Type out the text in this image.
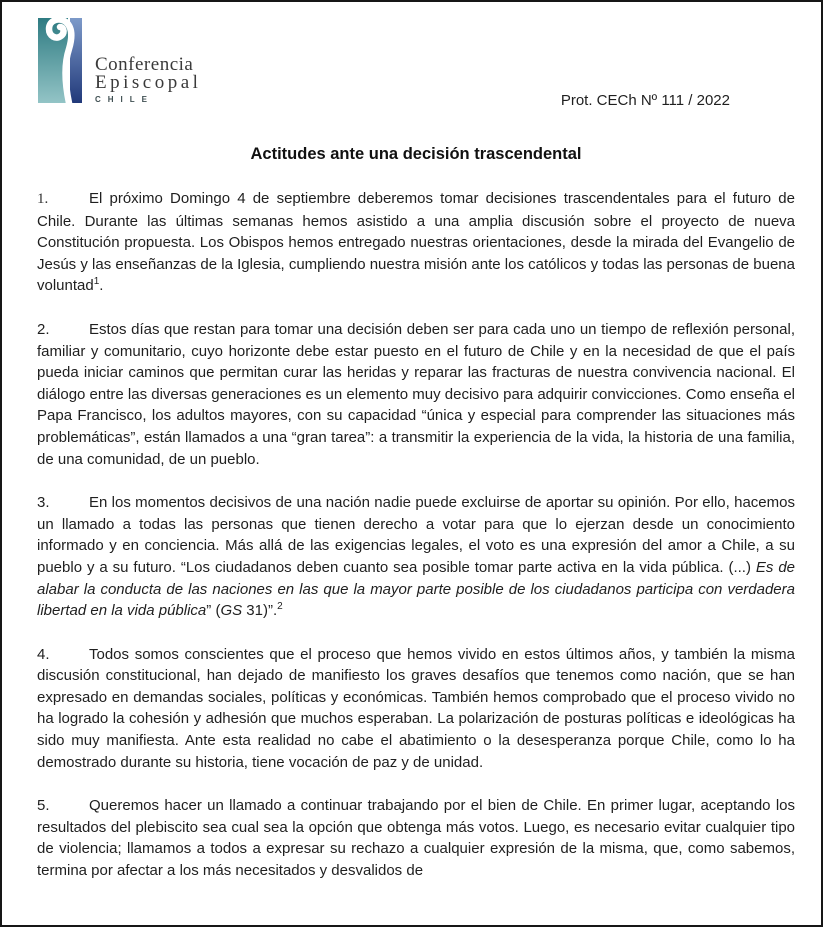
Conferencia
Episcopal
CHILE	Prot. CECh Nº 111 / 2022
Actitudes ante una decisión trascendental

1.	El próximo Domingo 4 de septiembre deberemos tomar decisiones trascendentales para el futuro de Chile. Durante las últimas semanas hemos asistido a una amplia discusión sobre el proyecto de nueva Constitución propuesta. Los Obispos hemos entregado nuestras orientaciones, desde la mirada del Evangelio de Jesús y las enseñanzas de la Iglesia, cumpliendo nuestra misión ante los católicos y todas las personas de buena voluntad$^1$.

2.	Estos días que restan para tomar una decisión deben ser para cada uno un tiempo de reflexión personal, familiar y comunitario, cuyo horizonte debe estar puesto en el futuro de Chile y en la necesidad de que el país pueda iniciar caminos que permitan curar las heridas y reparar las fracturas de nuestra convivencia nacional. El diálogo entre las diversas generaciones es un elemento muy decisivo para adquirir convicciones. Como enseña el Papa Francisco, los adultos mayores, con su capacidad “única y especial para comprender las situaciones más problemáticas”, están llamados a una “gran tarea”: a transmitir la experiencia de la vida, la historia de una familia, de una comunidad, de un pueblo.

3.	En los momentos decisivos de una nación nadie puede excluirse de aportar su opinión. Por ello, hacemos un llamado a todas las personas que tienen derecho a votar para que lo ejerzan desde un conocimiento informado y en conciencia. Más allá de las exigencias legales, el voto es una expresión del amor a Chile, a su pueblo y a su futuro. “Los ciudadanos deben cuanto sea posible tomar parte activa en la vida pública. (...) Es de alabar la conducta de las naciones en las que la mayor parte posible de los ciudadanos participa con verdadera libertad en la vida pública” (GS 31)”.$^2$

4.	Todos somos conscientes que el proceso que hemos vivido en estos últimos años, y también la misma discusión constitucional, han dejado de manifiesto los graves desafíos que tenemos como nación, que se han expresado en demandas sociales, políticas y económicas. También hemos comprobado que el proceso vivido no ha logrado la cohesión y adhesión que muchos esperaban. La polarización de posturas políticas e ideológicas ha sido muy manifiesta. Ante esta realidad no cabe el abatimiento o la desesperanza porque Chile, como lo ha demostrado durante su historia, tiene vocación de paz y de unidad.

5.	Queremos hacer un llamado a continuar trabajando por el bien de Chile. En primer lugar, aceptando los resultados del plebiscito sea cual sea la opción que obtenga más votos. Luego, es necesario evitar cualquier tipo de violencia; llamamos a todos a expresar su rechazo a cualquier expresión de la misma, que, como sabemos, termina por afectar a los más necesitados y desvalidos de
